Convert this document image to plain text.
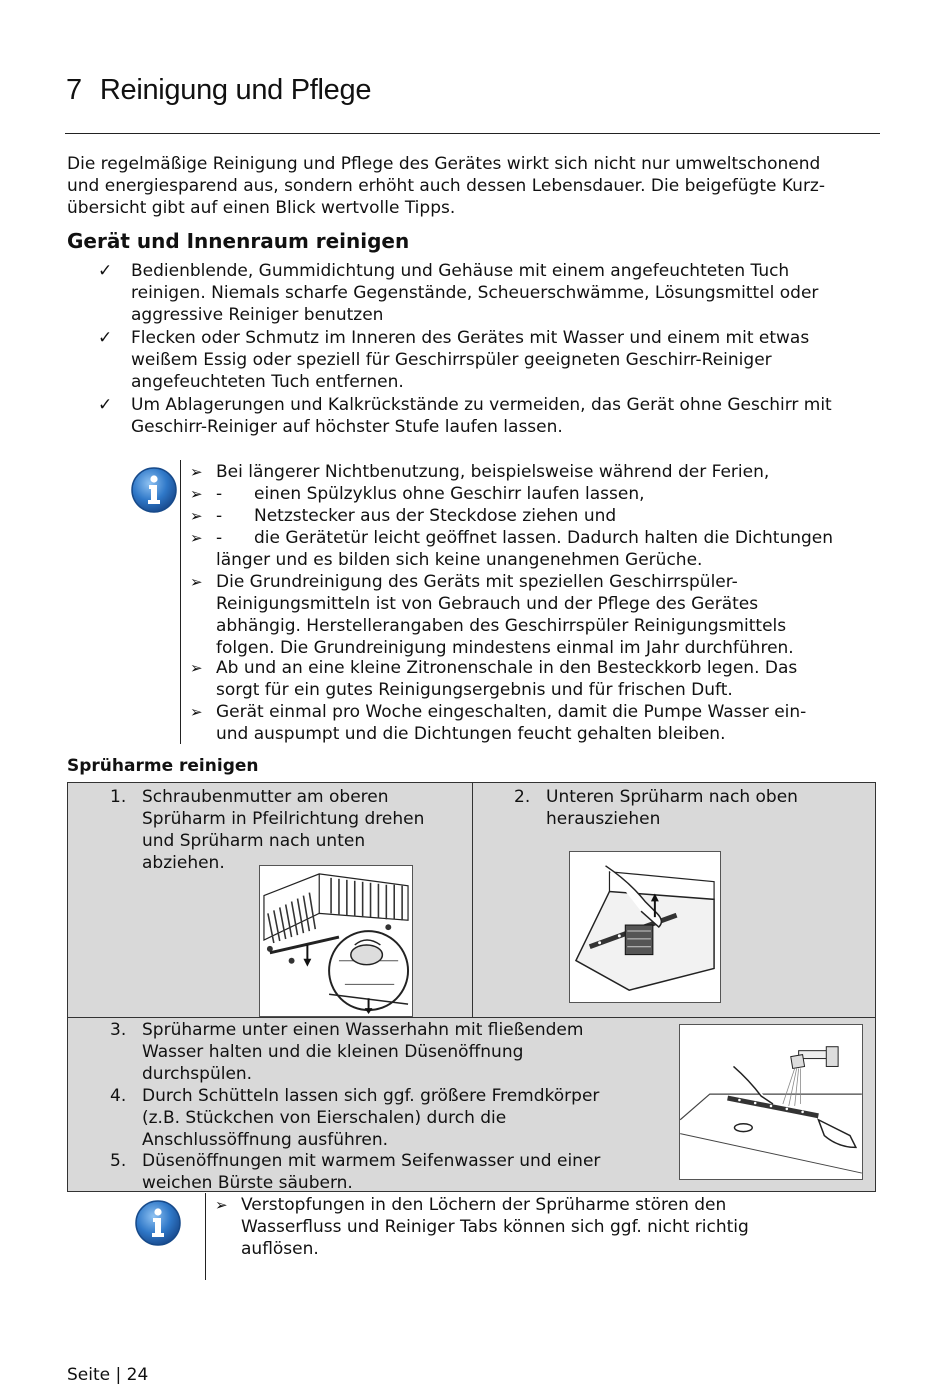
7 Reinigung und Pflege
Die regelmäßige Reinigung und Pflege des Gerätes wirkt sich nicht nur umweltschonend
und energiesparend aus, sondern erhöht auch dessen Lebensdauer. Die beigefügte Kurz-
übersicht gibt auf einen Blick wertvolle Tipps.
Gerät und Innenraum reinigen
✓ Bedienblende, Gummidichtung und Gehäuse mit einem angefeuchteten Tuch
reinigen. Niemals scharfe Gegenstände, Scheuerschwämme, Lösungsmittel oder
aggressive Reiniger benutzen
✓ Flecken oder Schmutz im Inneren des Gerätes mit Wasser und einem mit etwas
weißem Essig oder speziell für Geschirrspüler geeigneten Geschirr-Reiniger
angefeuchteten Tuch entfernen.
✓ Um Ablagerungen und Kalkrückstände zu vermeiden, das Gerät ohne Geschirr mit
Geschirr-Reiniger auf höchster Stufe laufen lassen.
➢ Bei längerer Nichtbenutzung, beispielsweise während der Ferien,
➢ - einen Spülzyklus ohne Geschirr laufen lassen,
➢ - Netzstecker aus der Steckdose ziehen und
➢ - die Gerätetür leicht geöffnet lassen. Dadurch halten die Dichtungen
länger und es bilden sich keine unangenehmen Gerüche.
➢ Die Grundreinigung des Geräts mit speziellen Geschirrspüler-
Reinigungsmitteln ist von Gebrauch und der Pflege des Gerätes
abhängig. Herstellerangaben des Geschirrspüler Reinigungsmittels
folgen. Die Grundreinigung mindestens einmal im Jahr durchführen.
➢ Ab und an eine kleine Zitronenschale in den Besteckkorb legen. Das
sorgt für ein gutes Reinigungsergebnis und für frischen Duft.
➢ Gerät einmal pro Woche eingeschalten, damit die Pumpe Wasser ein-
und auspumpt und die Dichtungen feucht gehalten bleiben.
Sprüharme reinigen
1. Schraubenmutter am oberen
Sprüharm in Pfeilrichtung drehen
und Sprüharm nach unten
abziehen.
2. Unteren Sprüharm nach oben
herausziehen
3. Sprüharme unter einen Wasserhahn mit fließendem
Wasser halten und die kleinen Düsenöffnung
durchspülen.
4. Durch Schütteln lassen sich ggf. größere Fremdkörper
(z.B. Stückchen von Eierschalen) durch die
Anschlussöffnung ausführen.
5. Düsenöffnungen mit warmem Seifenwasser und einer
weichen Bürste säubern.
➢ Verstopfungen in den Löchern der Sprüharme stören den
Wasserfluss und Reiniger Tabs können sich ggf. nicht richtig
auflösen.
Seite | 24
